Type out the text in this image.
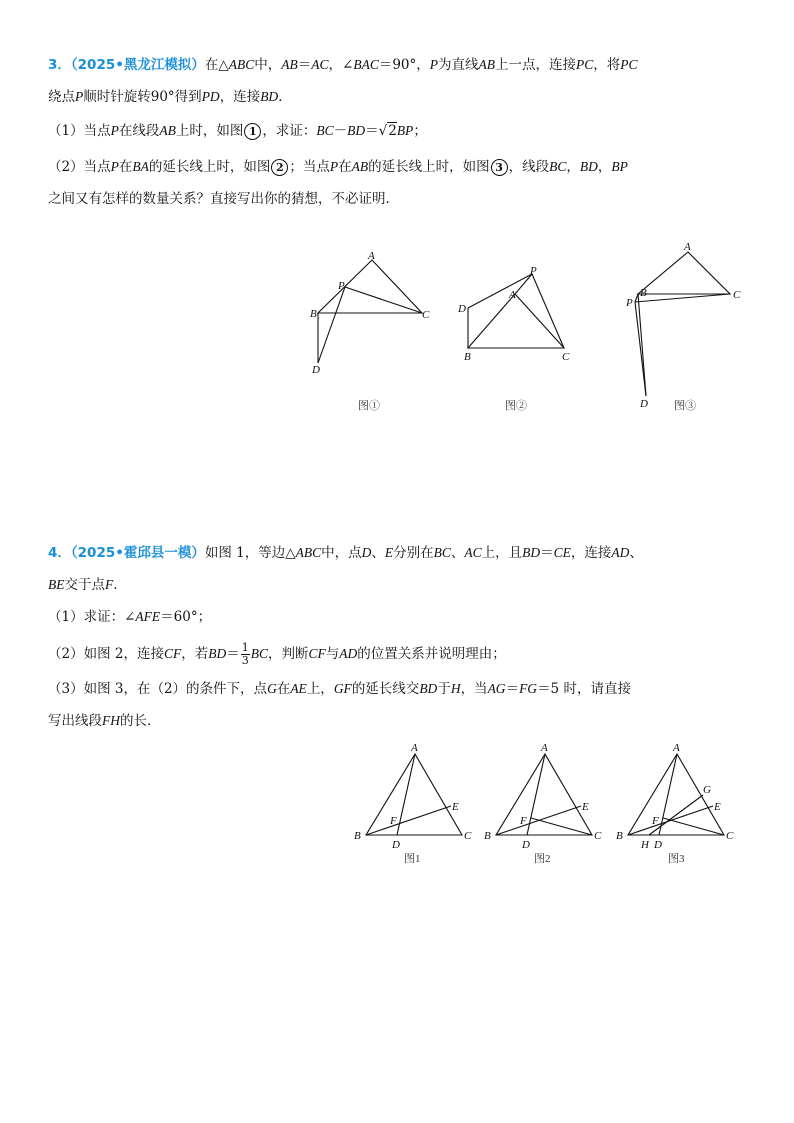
3．（2025•黑龙江模拟）在△ABC中，AB＝AC，∠BAC＝90°，P为直线AB上一点，连接PC，将PC
绕点P顺时针旋转90°得到PD，连接BD．
（1）当点P在线段AB上时，如图 1 ，求证：BC－BD＝√2BP；
（2）当点P在BA的延长线上时，如图 2 ；当点P在AB的延长线上时，如图 3 ，线段BC，BD，BP
之间又有怎样的数量关系？直接写出你的猜想，不必证明．
A
P
B	C
D
图①
P
A
D
B	C
图②
A
B
P
C
D 图③
4．（2025•霍邱县一模）如图 1，等边△ABC中，点D、E分别在BC、AC上，且BD＝CE，连接AD、
BE交于点F．
（1）求证：∠AFE＝60°；
（2）如图 2，连接CF，若$BD= \frac{1}{3}$ BC，判断CF与AD的位置关系并说明理由；
（3）如图 3，在（2）的条件下，点G在AE上，GF的延长线交BD于H，当AG＝FG＝5 时，请直接
写出线段FH的长．
A
B	C
D
E
F
图1
A
B	C
D
E
F
图2
A
B	C
H D
E
G
F
图3
